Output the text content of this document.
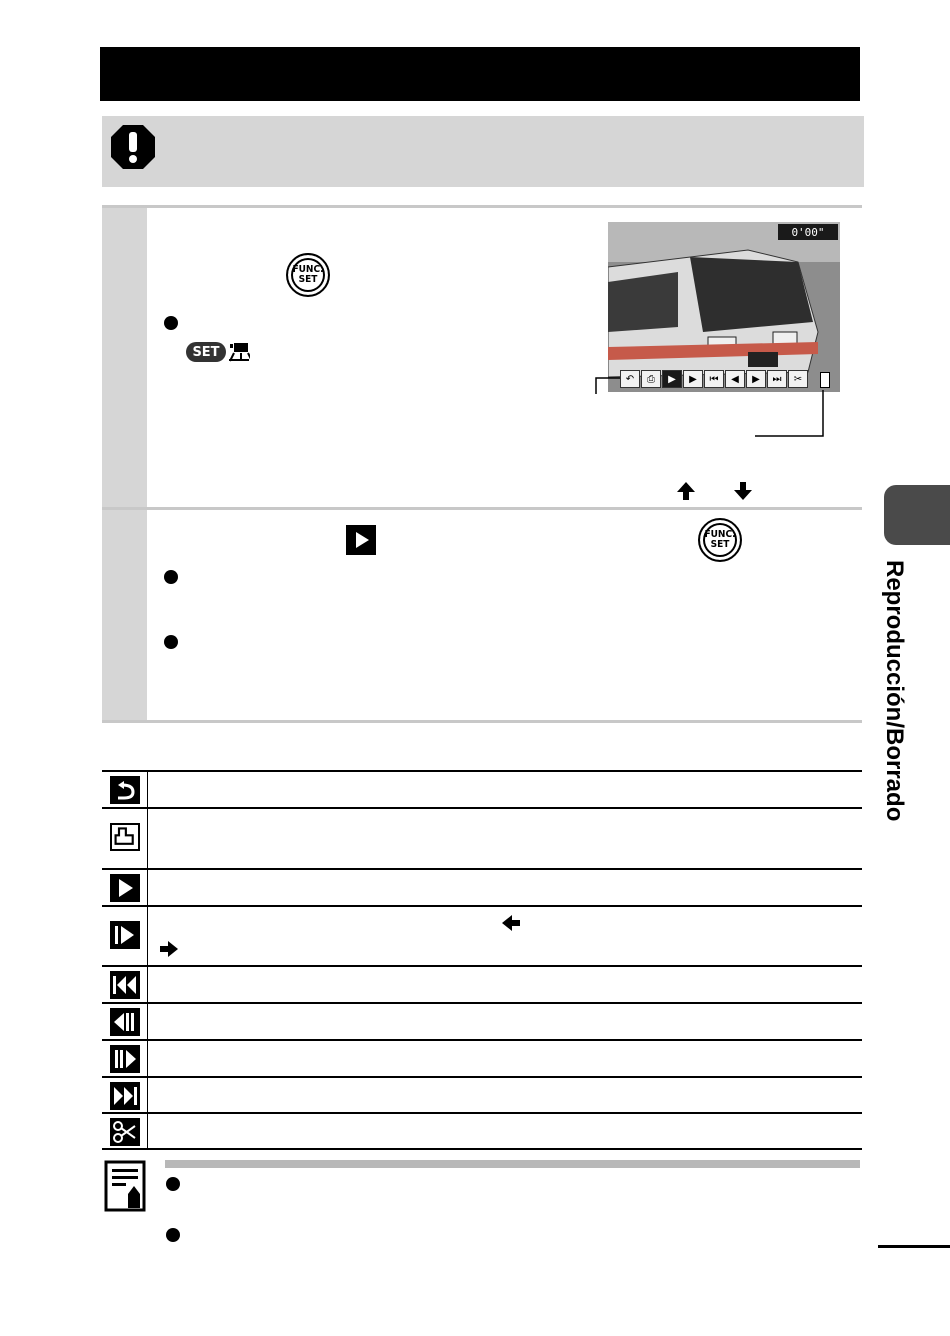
FUNC.
SET
SET
0'00"
↶	⎙	▶	▶	⏮	◀	▶	⏭	✂
FUNC.
SET
Reproducción/Borrado
